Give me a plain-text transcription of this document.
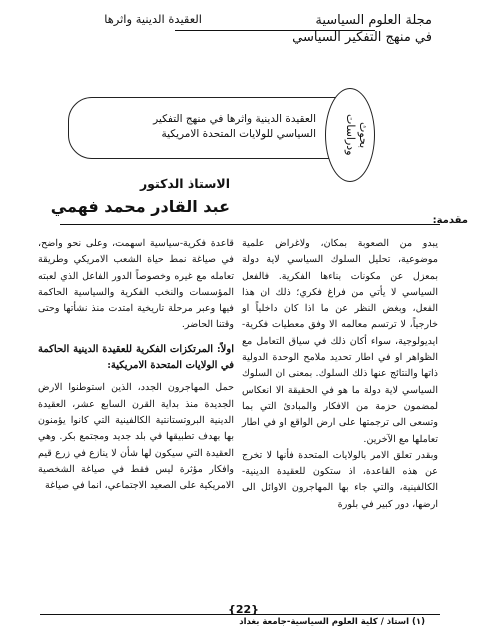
مجلة العلوم السياسية
في منهج التفكير السياسي
العقيدة الدينية واثرها
العقيدة الدينية واثرها في منهج التفكير
السياسي للولايات المتحدة الامريكية	بحوث ودراسات
الاستاذ الدكتور
عبد القادر محمد فهمي
مقدمة:

يبدو من الصعوبة بمكان، ولاغراض علمية موضوعية، تحليل السلوك السياسي لاية دولة بمعزل عن مكونات بناءها الفكرية. فالفعل السياسي لا يأتي من فراغ فكري؛ ذلك ان هذا الفعل، وبغض النظر عن ما اذا كان داخلياً او خارجياً، لا ترتسم معالمه الا وفق معطيات فكرية-ايديولوجية، سواء أكان ذلك في سياق التعامل مع الظواهر او في اطار تحديد ملامح الوحدة الدولية ذاتها والنتائج عنها ذلك السلوك. بمعنى ان السلوك السياسي لاية دولة ما هو في الحقيقة الا انعكاس لمضمون حزمة من الافكار والمبادئ التي بما وتسعى الى ترجمتها على ارض الواقع او في اطار تعاملها مع الآخرين.

وبقدر تعلق الامر بالولايات المتحدة فأنها لا تخرج عن هذه القاعدة، اذ ستكون للعقيدة الدينية-الكالفينية، والتي جاء بها المهاجرون الاوائل الى ارضها، دور كبير في بلورة

قاعدة فكرية-سياسية اسهمت، وعلى نحو واضح، في صياغة نمط حياة الشعب الامريكي وطريقة تعامله مع غيره وخصوصاً الدور الفاعل الذي لعبته المؤسسات والنخب الفكرية والسياسية الحاكمة فيها وعبر مرحلة تاريخية امتدت منذ نشأتها وحتى وقتنا الحاضر.

اولاً: المرتكزات الفكرية للعقيدة الدينية الحاكمة في الولايات المتحدة الامريكية:

حمل المهاجرون الجدد، الذين استوطنوا الارض الجديدة منذ بداية القرن السابع عشر، العقيدة الدينية البروتستانتية الكالفينية التي كانوا يؤمنون بها بهدف تطبيقها في بلد جديد ومجتمع بكر. وهي العقيدة التي سيكون لها شأن لا ينازع في زرع قيم وافكار مؤثرة ليس فقط في صياغة الشخصية الامريكية على الصعيد الاجتماعي، انما في صياغة

{22}
(١) استاذ / كلية العلوم السياسية-جامعة بغداد
